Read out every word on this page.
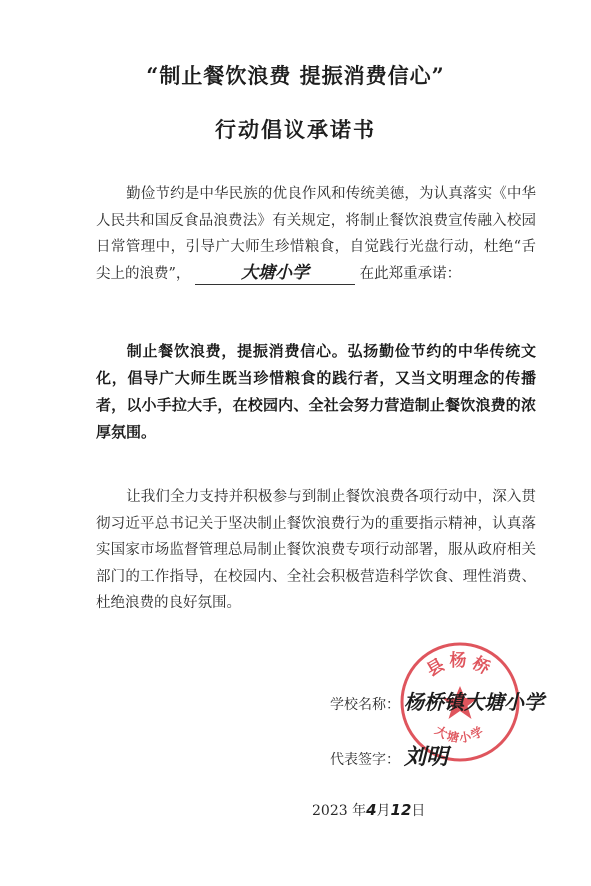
“制止餐饮浪费 提振消费信心”
行动倡议承诺书
勤俭节约是中华民族的优良作风和传统美德，为认真落实《中华人民共和国反食品浪费法》有关规定，将制止餐饮浪费宣传融入校园日常管理中，引导广大师生珍惜粮食，自觉践行光盘行动，杜绝“舌尖上的浪费”，	大塘小学	在此郑重承诺：
制止餐饮浪费，提振消费信心。弘扬勤俭节约的中华传统文化，倡导广大师生既当珍惜粮食的践行者，又当文明理念的传播者，以小手拉大手，在校园内、全社会努力营造制止餐饮浪费的浓厚氛围。
让我们全力支持并积极参与到制止餐饮浪费各项行动中，深入贯彻习近平总书记关于坚决制止餐饮浪费行为的重要指示精神，认真落实国家市场监督管理总局制止餐饮浪费专项行动部署，服从政府相关部门的工作指导，在校园内、全社会积极营造科学饮食、理性消费、杜绝浪费的良好氛围。
县杨桥
大塘小学
学校名称： 杨桥镇大塘小学
代表签字： 刘明
2023 年4月12日
